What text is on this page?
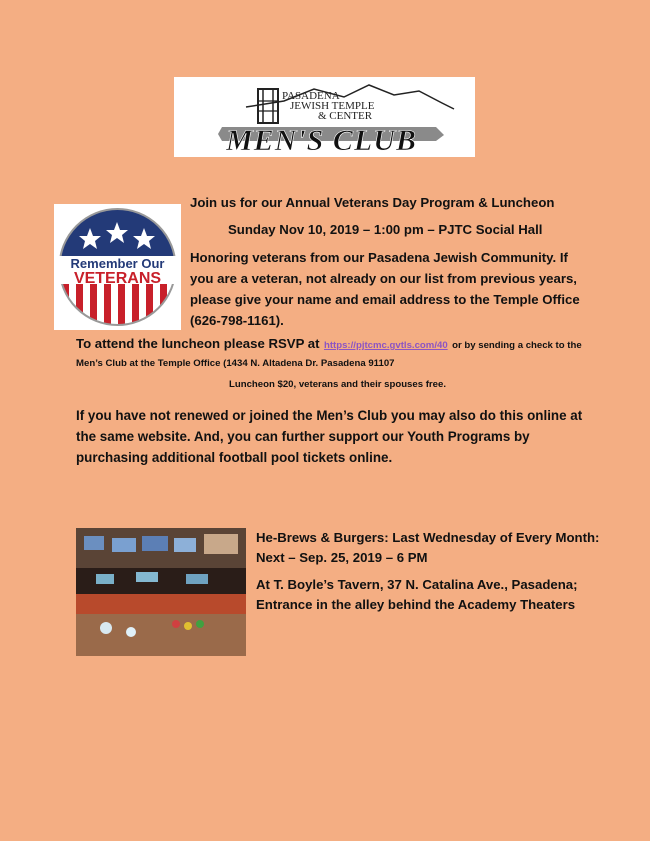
PASADENA
JEWISH TEMPLE
& CENTER
MEN'S CLUB
Remember Our
VETERANS
Join us for our Annual Veterans Day Program & Luncheon
Sunday Nov 10, 2019 – 1:00 pm – PJTC Social Hall
Honoring veterans from our Pasadena Jewish Community. If you are a veteran, not already on our list from previous years, please give your name and email address to the Temple Office (626-798-1161).
To attend the luncheon please RSVP at https://pjtcmc.gvtls.com/40 or by sending a check to the Men’s Club at the Temple Office (1434 N. Altadena Dr. Pasadena 91107
Luncheon $20, veterans and their spouses free.
If you have not renewed or joined the Men’s Club you may also do this online at the same website. And, you can further support our Youth Programs by purchasing additional football pool tickets online.
He-Brews & Burgers: Last Wednesday of Every Month: Next – Sep. 25, 2019 – 6 PM
At T. Boyle’s Tavern, 37 N. Catalina Ave., Pasadena; Entrance in the alley behind the Academy Theaters
